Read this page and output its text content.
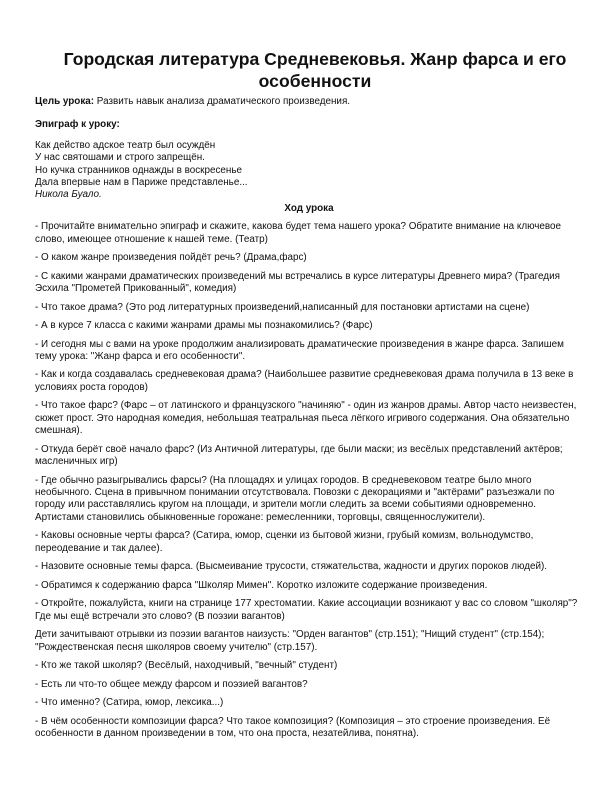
Городская литература Средневековья. Жанр фарса и его особенности

Цель урока: Развить навык анализа драматического произведения.

Эпиграф к уроку:

Как действо адское театр был осуждён

У нас святошами и строго запрещён.

Но кучка странников однажды в воскресенье

Дала впервые нам в Париже представленье...

Никола Буало.

Ход урока

- Прочитайте внимательно эпиграф и скажите, какова будет тема нашего урока? Обратите внимание на ключевое слово, имеющее отношение к нашей теме. (Театр)

- О каком жанре произведения пойдёт речь? (Драма,фарс)

- С какими жанрами драматических произведений мы встречались в курсе литературы Древнего мира? (Трагедия Эсхила "Прометей Прикованный", комедия)

- Что такое драма? (Это род литературных произведений,написанный для постановки артистами на сцене)

- А в курсе 7 класса с какими жанрами драмы мы познакомились? (Фарс)

- И сегодня мы с вами на уроке продолжим анализировать драматические произведения в жанре фарса. Запишем тему урока: "Жанр фарса и его особенности".

- Как и когда создавалась средневековая драма? (Наибольшее развитие средневековая драма получила в 13 веке в условиях роста городов)

- Что такое фарс? (Фарс – от латинского и французского "начиняю" - один из жанров драмы. Автор часто неизвестен, сюжет прост. Это народная комедия, небольшая театральная пьеса лёгкого игривого содержания. Она обязательно смешная).

- Откуда берёт своё начало фарс? (Из Античной литературы, где были маски; из весёлых представлений актёров; масленичных игр)

- Где обычно разыгрывались фарсы? (На площадях и улицах городов. В средневековом театре было много необычного. Сцена в привычном понимании отсутствовала. Повозки с декорациями и "актёрами" разъезжали по городу или расставлялись кругом на площади, и зрители могли следить за всеми событиями одновременно. Артистами становились обыкновенные горожане: ремесленники, торговцы, священнослужители).

- Каковы основные черты фарса? (Сатира, юмор, сценки из бытовой жизни, грубый комизм, вольнодумство, переодевание и так далее).

- Назовите основные темы фарса. (Высмеивание трусости, стяжательства, жадности и других пороков людей).

- Обратимся к содержанию фарса "Школяр Мимен". Коротко изложите содержание произведения.

- Откройте, пожалуйста, книги на странице 177 хрестоматии. Какие ассоциации возникают у вас со словом "школяр"? Где мы ещё встречали это слово? (В поэзии вагантов)

Дети зачитывают отрывки из поэзии вагантов наизусть: "Орден вагантов" (стр.151); "Нищий студент" (стр.154); "Рождественская песня школяров своему учителю" (стр.157).

- Кто же такой школяр? (Весёлый, находчивый, "вечный" студент)

- Есть ли что-то общее между фарсом и поэзией вагантов?

- Что именно? (Сатира, юмор, лексика...)

- В чём особенности композиции фарса? Что такое композиция? (Композиция – это строение произведения. Её особенности в данном произведении в том, что она проста, незатейлива, понятна).
